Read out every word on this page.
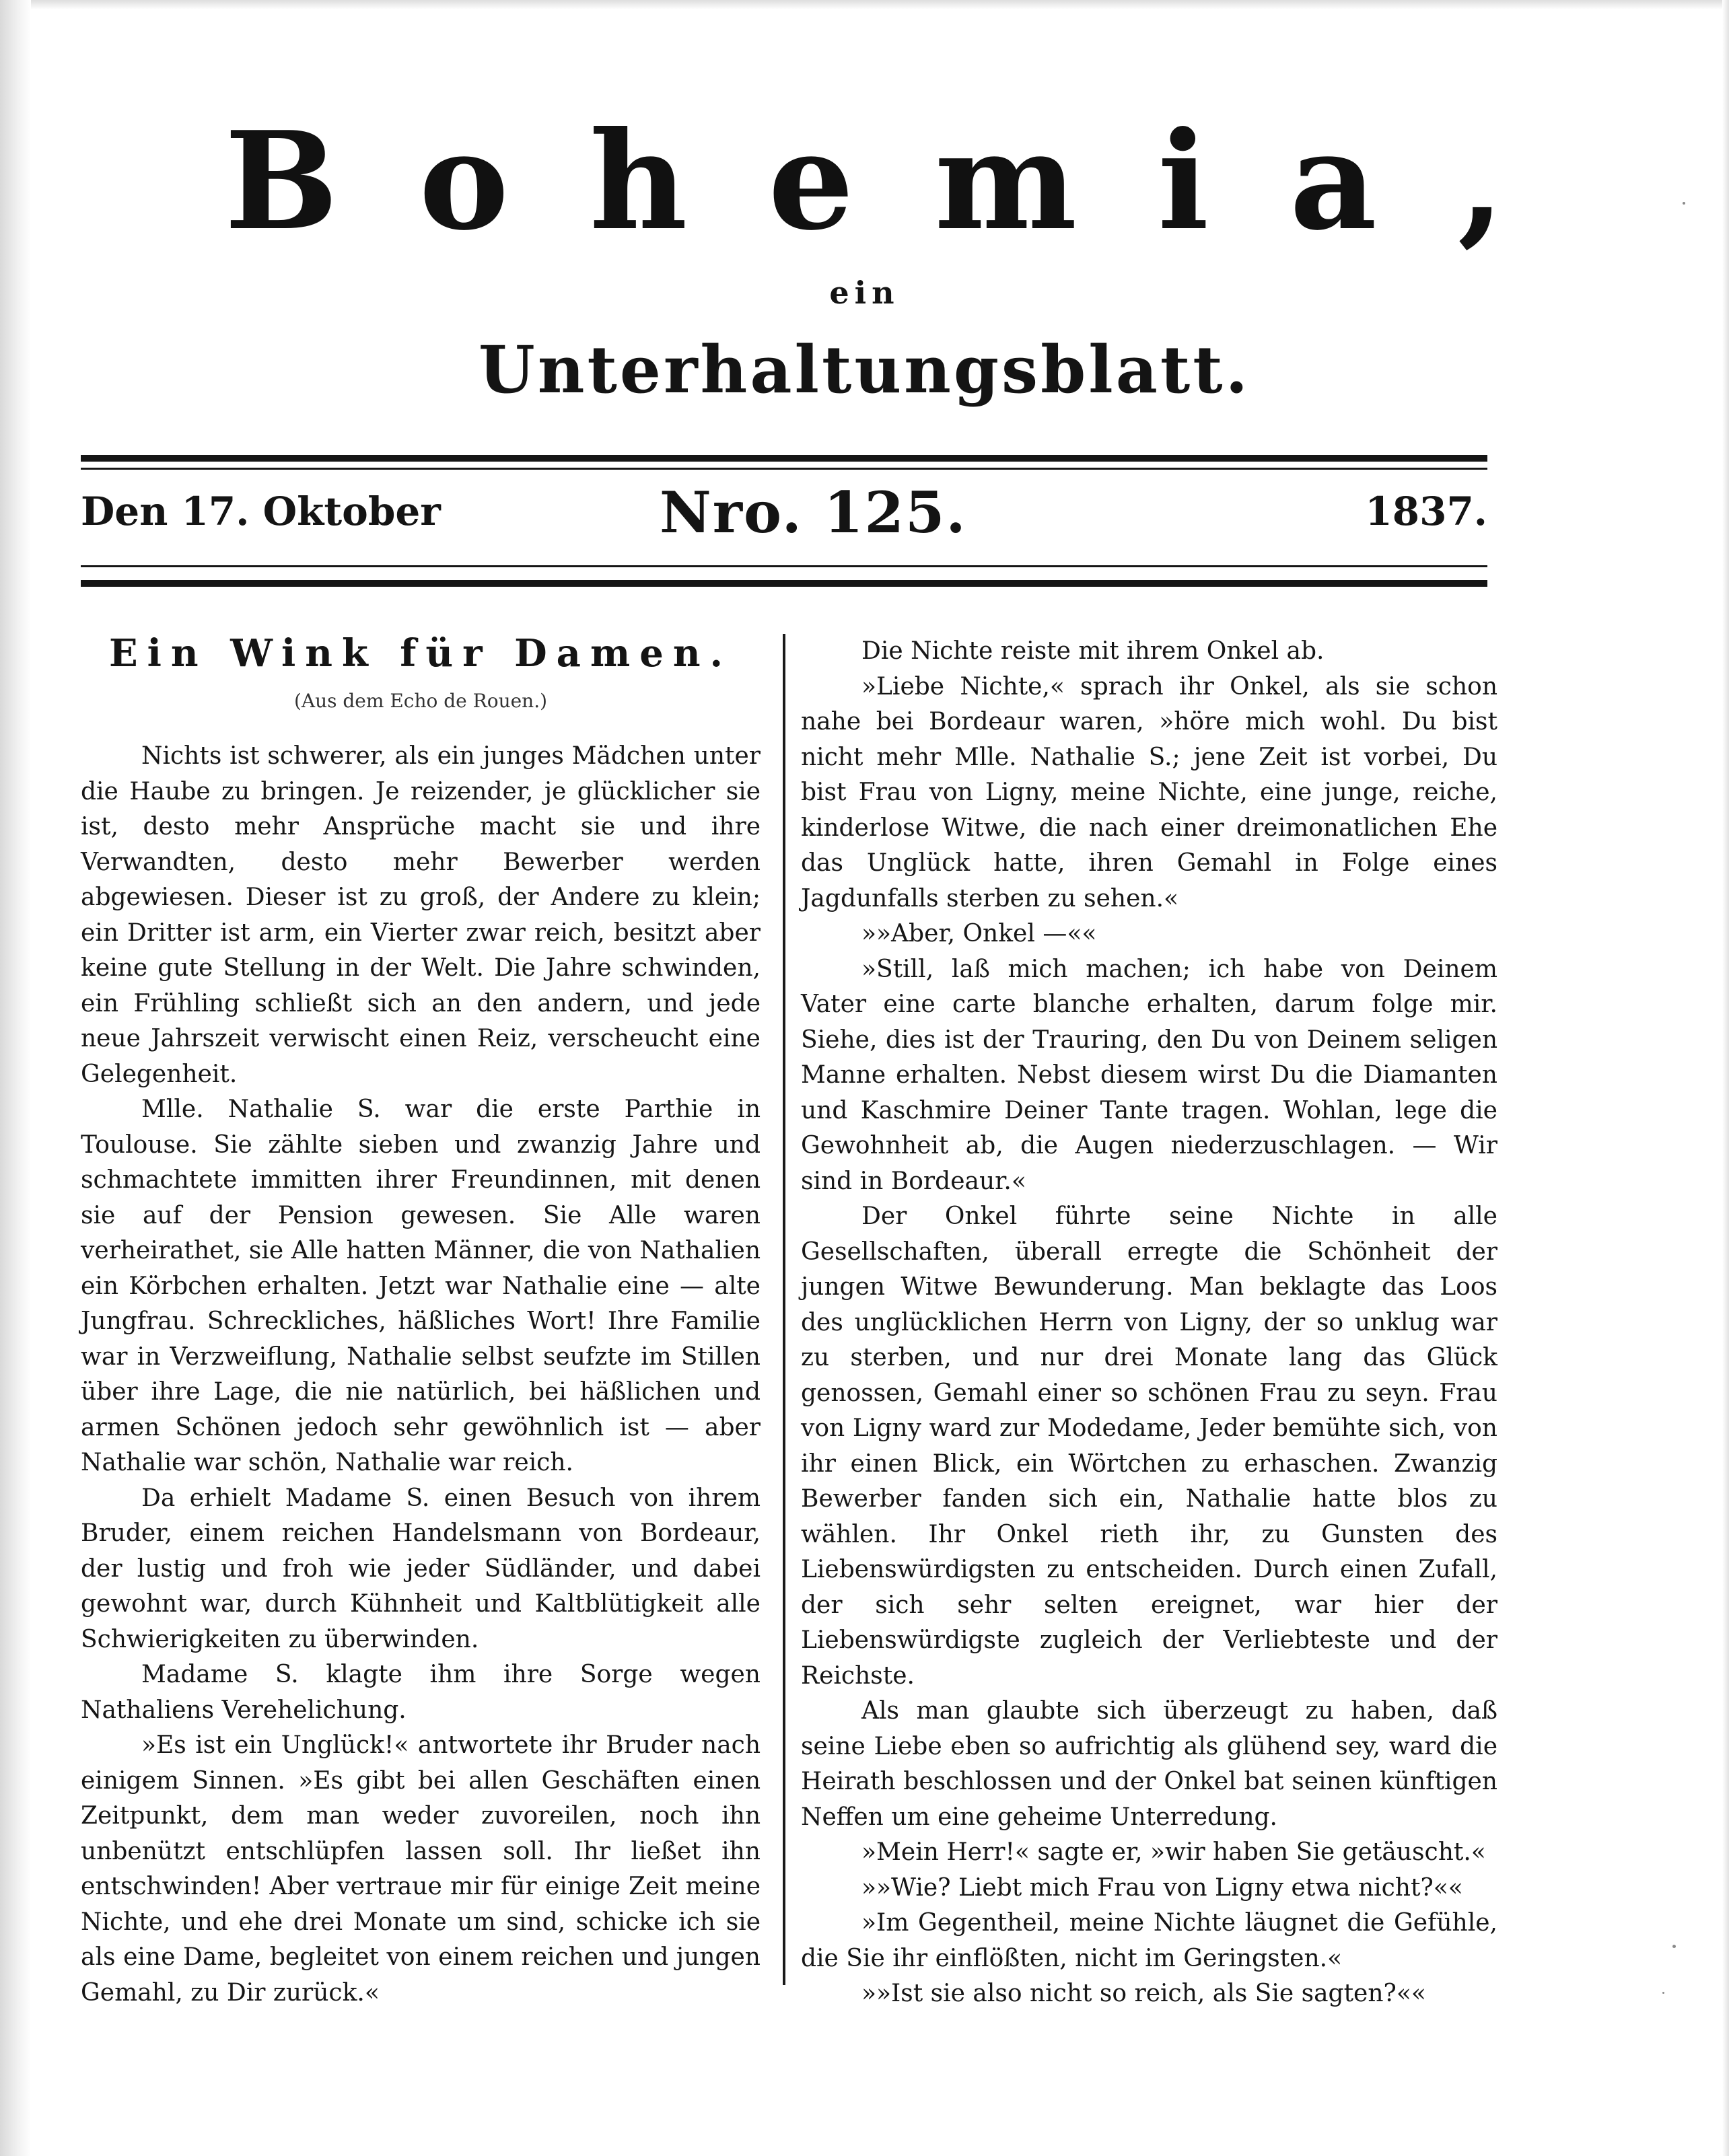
Bohemia,
ein
Unterhaltungsblatt.
Den 17. Oktober	Nro. 125.	1837.
Ein Wink für Damen.
(Aus dem Echo de Rouen.)

Nichts ist schwerer, als ein junges Mädchen unter die Haube zu bringen. Je reizender, je glücklicher sie ist, desto mehr Ansprüche macht sie und ihre Verwandten, desto mehr Bewerber werden abgewiesen. Dieser ist zu groß, der Andere zu klein; ein Dritter ist arm, ein Vierter zwar reich, besitzt aber keine gute Stellung in der Welt. Die Jahre schwinden, ein Frühling schließt sich an den andern, und jede neue Jahrszeit verwischt einen Reiz, verscheucht eine Gelegenheit.

Mlle. Nathalie S. war die erste Parthie in Toulouse. Sie zählte sieben und zwanzig Jahre und schmachtete immitten ihrer Freundinnen, mit denen sie auf der Pension gewesen. Sie Alle waren verheirathet, sie Alle hatten Männer, die von Nathalien ein Körbchen erhalten. Jetzt war Nathalie eine — alte Jungfrau. Schreckliches, häßliches Wort! Ihre Familie war in Verzweiflung, Nathalie selbst seufzte im Stillen über ihre Lage, die nie natürlich, bei häßlichen und armen Schönen jedoch sehr gewöhnlich ist — aber Nathalie war schön, Nathalie war reich.

Da erhielt Madame S. einen Besuch von ihrem Bruder, einem reichen Handelsmann von Bordeaur, der lustig und froh wie jeder Südländer, und dabei gewohnt war, durch Kühnheit und Kaltblütigkeit alle Schwierigkeiten zu überwinden.

Madame S. klagte ihm ihre Sorge wegen Nathaliens Verehelichung.

»Es ist ein Unglück!« antwortete ihr Bruder nach einigem Sinnen. »Es gibt bei allen Geschäften einen Zeitpunkt, dem man weder zuvoreilen, noch ihn unbenützt entschlüpfen lassen soll. Ihr ließet ihn entschwinden! Aber vertraue mir für einige Zeit meine Nichte, und ehe drei Monate um sind, schicke ich sie als eine Dame, begleitet von einem reichen und jungen Gemahl, zu Dir zurück.«

Die Nichte reiste mit ihrem Onkel ab.

»Liebe Nichte,« sprach ihr Onkel, als sie schon nahe bei Bordeaur waren, »höre mich wohl. Du bist nicht mehr Mlle. Nathalie S.; jene Zeit ist vorbei, Du bist Frau von Ligny, meine Nichte, eine junge, reiche, kinderlose Witwe, die nach einer dreimonatlichen Ehe das Unglück hatte, ihren Gemahl in Folge eines Jagdunfalls sterben zu sehen.«

»»Aber, Onkel —««

»Still, laß mich machen; ich habe von Deinem Vater eine carte blanche erhalten, darum folge mir. Siehe, dies ist der Trauring, den Du von Deinem seligen Manne erhalten. Nebst diesem wirst Du die Diamanten und Kaschmire Deiner Tante tragen. Wohlan, lege die Gewohnheit ab, die Augen niederzuschlagen. — Wir sind in Bordeaur.«

Der Onkel führte seine Nichte in alle Gesellschaften, überall erregte die Schönheit der jungen Witwe Bewunderung. Man beklagte das Loos des unglücklichen Herrn von Ligny, der so unklug war zu sterben, und nur drei Monate lang das Glück genossen, Gemahl einer so schönen Frau zu seyn. Frau von Ligny ward zur Modedame, Jeder bemühte sich, von ihr einen Blick, ein Wörtchen zu erhaschen. Zwanzig Bewerber fanden sich ein, Nathalie hatte blos zu wählen. Ihr Onkel rieth ihr, zu Gunsten des Liebenswürdigsten zu entscheiden. Durch einen Zufall, der sich sehr selten ereignet, war hier der Liebenswürdigste zugleich der Verliebteste und der Reichste.

Als man glaubte sich überzeugt zu haben, daß seine Liebe eben so aufrichtig als glühend sey, ward die Heirath beschlossen und der Onkel bat seinen künftigen Neffen um eine geheime Unterredung.

»Mein Herr!« sagte er, »wir haben Sie getäuscht.«

»»Wie? Liebt mich Frau von Ligny etwa nicht?««

»Im Gegentheil, meine Nichte läugnet die Gefühle, die Sie ihr einflößten, nicht im Geringsten.«

»»Ist sie also nicht so reich, als Sie sagten?««
